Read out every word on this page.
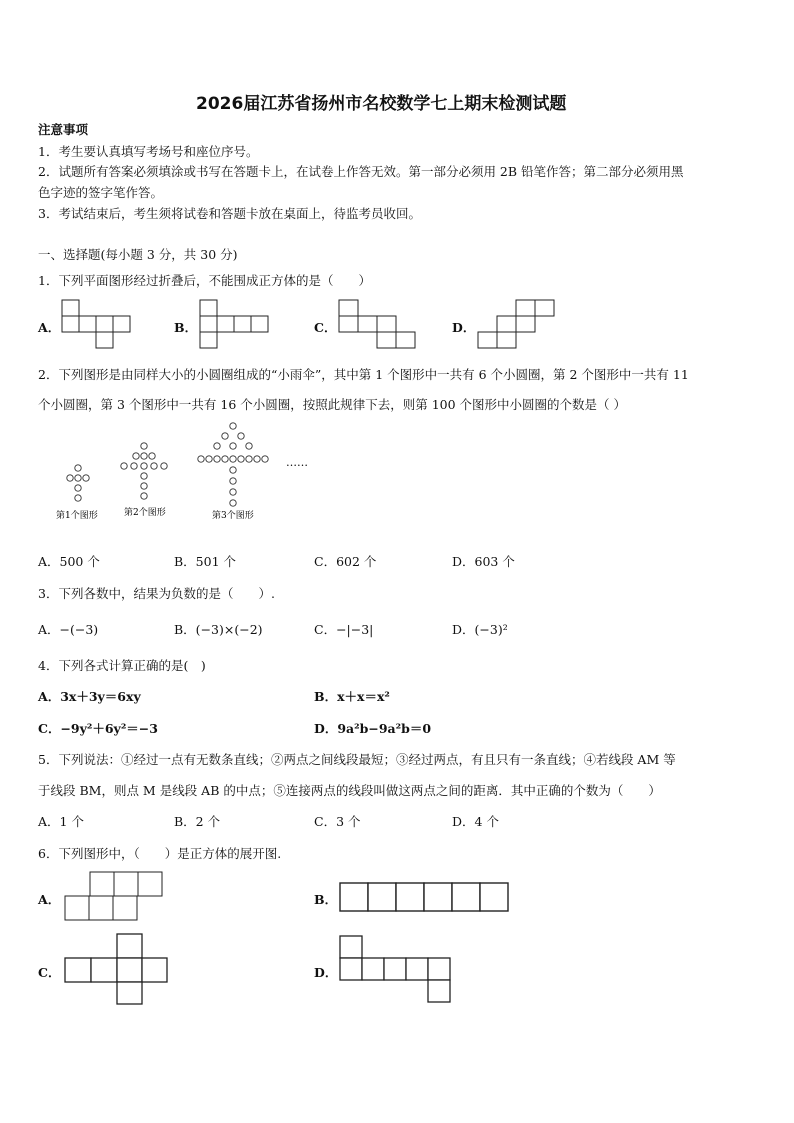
2026届江苏省扬州市名校数学七上期末检测试题
注意事项
1．考生要认真填写考场号和座位序号。
2．试题所有答案必须填涂或书写在答题卡上，在试卷上作答无效。第一部分必须用 2B 铅笔作答；第二部分必须用黑
色字迹的签字笔作答。
3．考试结束后，考生须将试卷和答题卡放在桌面上，待监考员收回。
一、选择题(每小题 3 分，共 30 分)
1．下列平面图形经过折叠后，不能围成正方体的是（　　）
A．	B．	C．	D．
2．下列图形是由同样大小的小圆圈组成的“小雨伞”，其中第 1 个图形中一共有 6 个小圆圈，第 2 个图形中一共有 11
个小圆圈，第 3 个图形中一共有 16 个小圆圈，按照此规律下去，则第 100 个图形中小圆圈的个数是（ ）
第1个图形	第2个图形	第3个图形
……
A．500 个	B．501 个	C．602 个	D．603 个
3．下列各数中，结果为负数的是（　　）.
A．−(−3)	B．(−3)×(−2)	C．−|−3|	D．(−3)²
4．下列各式计算正确的是(　)
A．3x＋3y＝6xy	B．x＋x＝x²
C．−9y²＋6y²＝−3	D．9a²b−9a²b＝0
5．下列说法：①经过一点有无数条直线；②两点之间线段最短；③经过两点，有且只有一条直线；④若线段 AM 等
于线段 BM，则点 M 是线段 AB 的中点；⑤连接两点的线段叫做这两点之间的距离．其中正确的个数为（　　）
A．1 个	B．2 个	C．3 个	D．4 个
6．下列图形中，（　　）是正方体的展开图.
A．	B．
C．	D．
